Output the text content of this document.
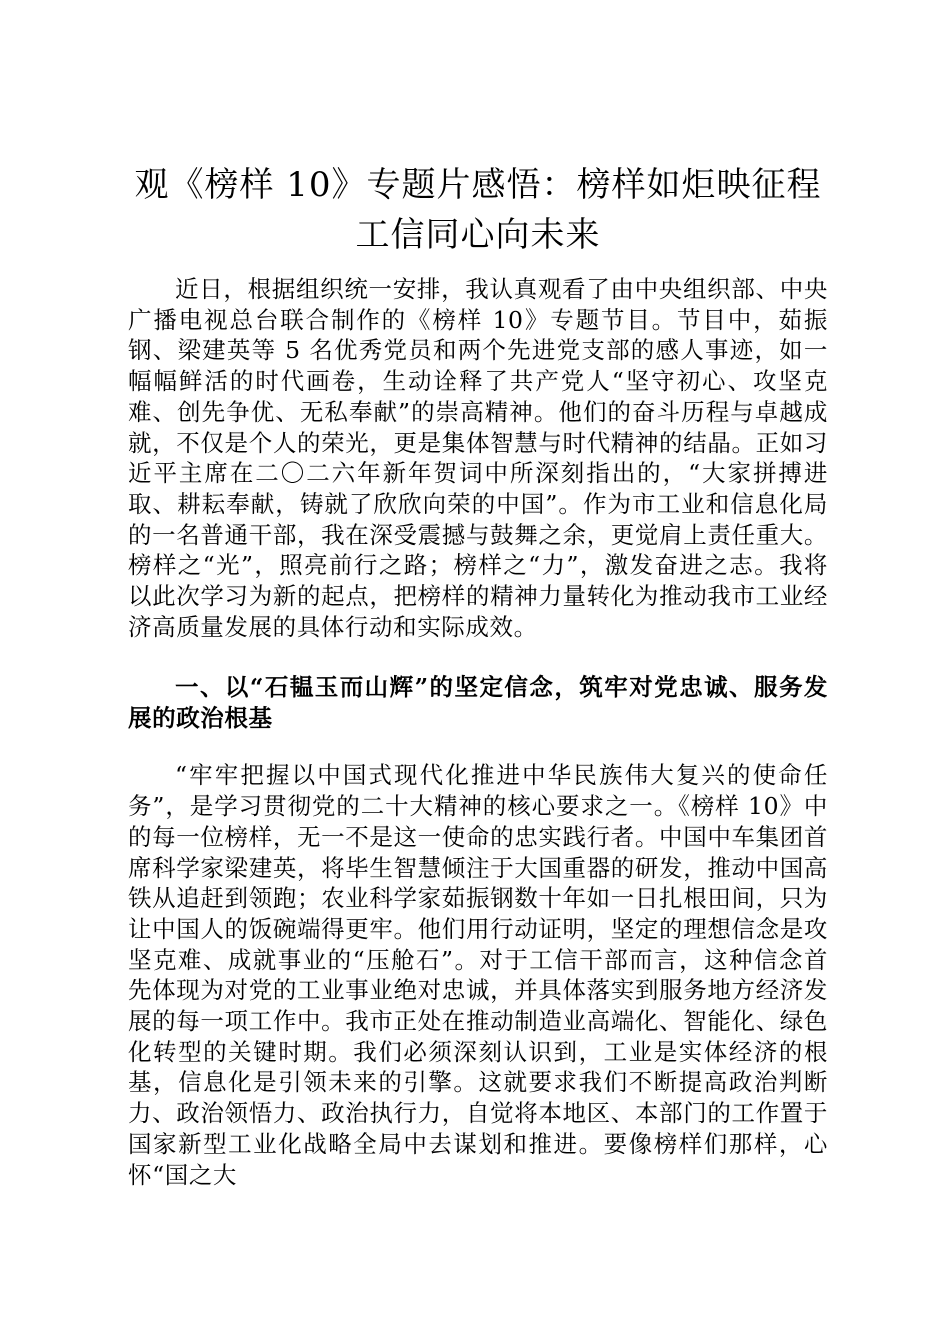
观《榜样 10》专题片感悟：榜样如炬映征程
工信同心向未来

近日，根据组织统一安排，我认真观看了由中央组织部、中央广播电视总台联合制作的《榜样 10》专题节目。节目中，茹振钢、梁建英等 5 名优秀党员和两个先进党支部的感人事迹，如一幅幅鲜活的时代画卷，生动诠释了共产党人“坚守初心、攻坚克难、创先争优、无私奉献”的崇高精神。他们的奋斗历程与卓越成就，不仅是个人的荣光，更是集体智慧与时代精神的结晶。正如习近平主席在二〇二六年新年贺词中所深刻指出的，“大家拼搏进取、耕耘奉献，铸就了欣欣向荣的中国”。作为市工业和信息化局的一名普通干部，我在深受震撼与鼓舞之余，更觉肩上责任重大。榜样之“光”，照亮前行之路；榜样之“力”，激发奋进之志。我将以此次学习为新的起点，把榜样的精神力量转化为推动我市工业经济高质量发展的具体行动和实际成效。

一、以“石韫玉而山辉”的坚定信念，筑牢对党忠诚、服务发展的政治根基

“牢牢把握以中国式现代化推进中华民族伟大复兴的使命任务”，是学习贯彻党的二十大精神的核心要求之一。《榜样 10》中的每一位榜样，无一不是这一使命的忠实践行者。中国中车集团首席科学家梁建英，将毕生智慧倾注于大国重器的研发，推动中国高铁从追赶到领跑；农业科学家茹振钢数十年如一日扎根田间，只为让中国人的饭碗端得更牢。他们用行动证明，坚定的理想信念是攻坚克难、成就事业的“压舱石”。对于工信干部而言，这种信念首先体现为对党的工业事业绝对忠诚，并具体落实到服务地方经济发展的每一项工作中。我市正处在推动制造业高端化、智能化、绿色化转型的关键时期。我们必须深刻认识到，工业是实体经济的根基，信息化是引领未来的引擎。这就要求我们不断提高政治判断力、政治领悟力、政治执行力，自觉将本地区、本部门的工作置于国家新型工业化战略全局中去谋划和推进。要像榜样们那样，心怀“国之大
